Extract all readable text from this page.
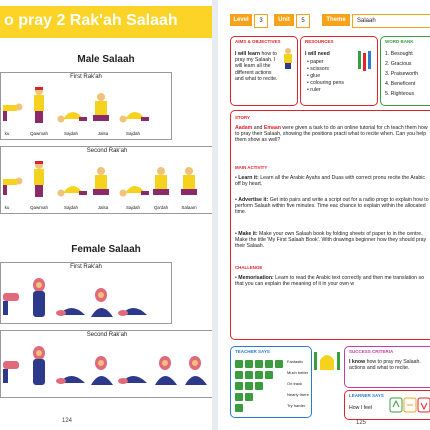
o pray 2 Rak'ah Salaah
Male Salaah
First Rak'ah
ku	Qawmah	Sajdah	Jalsa	Sajdah
Second Rak'ah
ku	Qawmah	Sajdah	Jalsa	Sajdah	Qa'dah	Salaam
Female Salaah
First Rak'ah
Second Rak'ah
124
Level	3	Unit	5	Theme	Salaah
AIMS & OBJECTIVES
I will learn how to pray my Salaah. I will learn all the different actions and what to recite.
RESOURCES
I will need
• paper
• scissors
• glue
• colouring pens
• ruler
WORD BANK
1. Besought
2. Gracious
3. Praiseworth
4. Beneficent
5. Righteous
STORY
Aadam and Emaan were given a task to do an online tutorial for ch teach them how to pray their Salaah, showing the positions practi what to recite when. Can you help them show as well?
MAIN ACTIVITY
• Learn it: Learn all the Arabic Ayahs and Duas with correct pronu recite the Arabic off by heart.
• Advertise it: Get into pairs and write a script out for a radio progr to explain how to perform Salaah within five minutes. Time eac chance to explain within the allocated time.
• Make it: Make your own Salaah book by folding sheets of paper to in the centre. Make the title 'My First Salaah Book'. With drawings beginner how they should pray their Salaah.
CHALLENGE
• Memorisation: Learn to read the Arabic text correctly and then me translation so that you can explain the meaning of it in your own w
TEACHER SAYS
Fantastic
Much better
On track
Nearly there
Try harder
SUCCESS CRITERIA
I know how to pray my Salaah. actions and what to recite.
LEARNER SAYS
How I feel
125
